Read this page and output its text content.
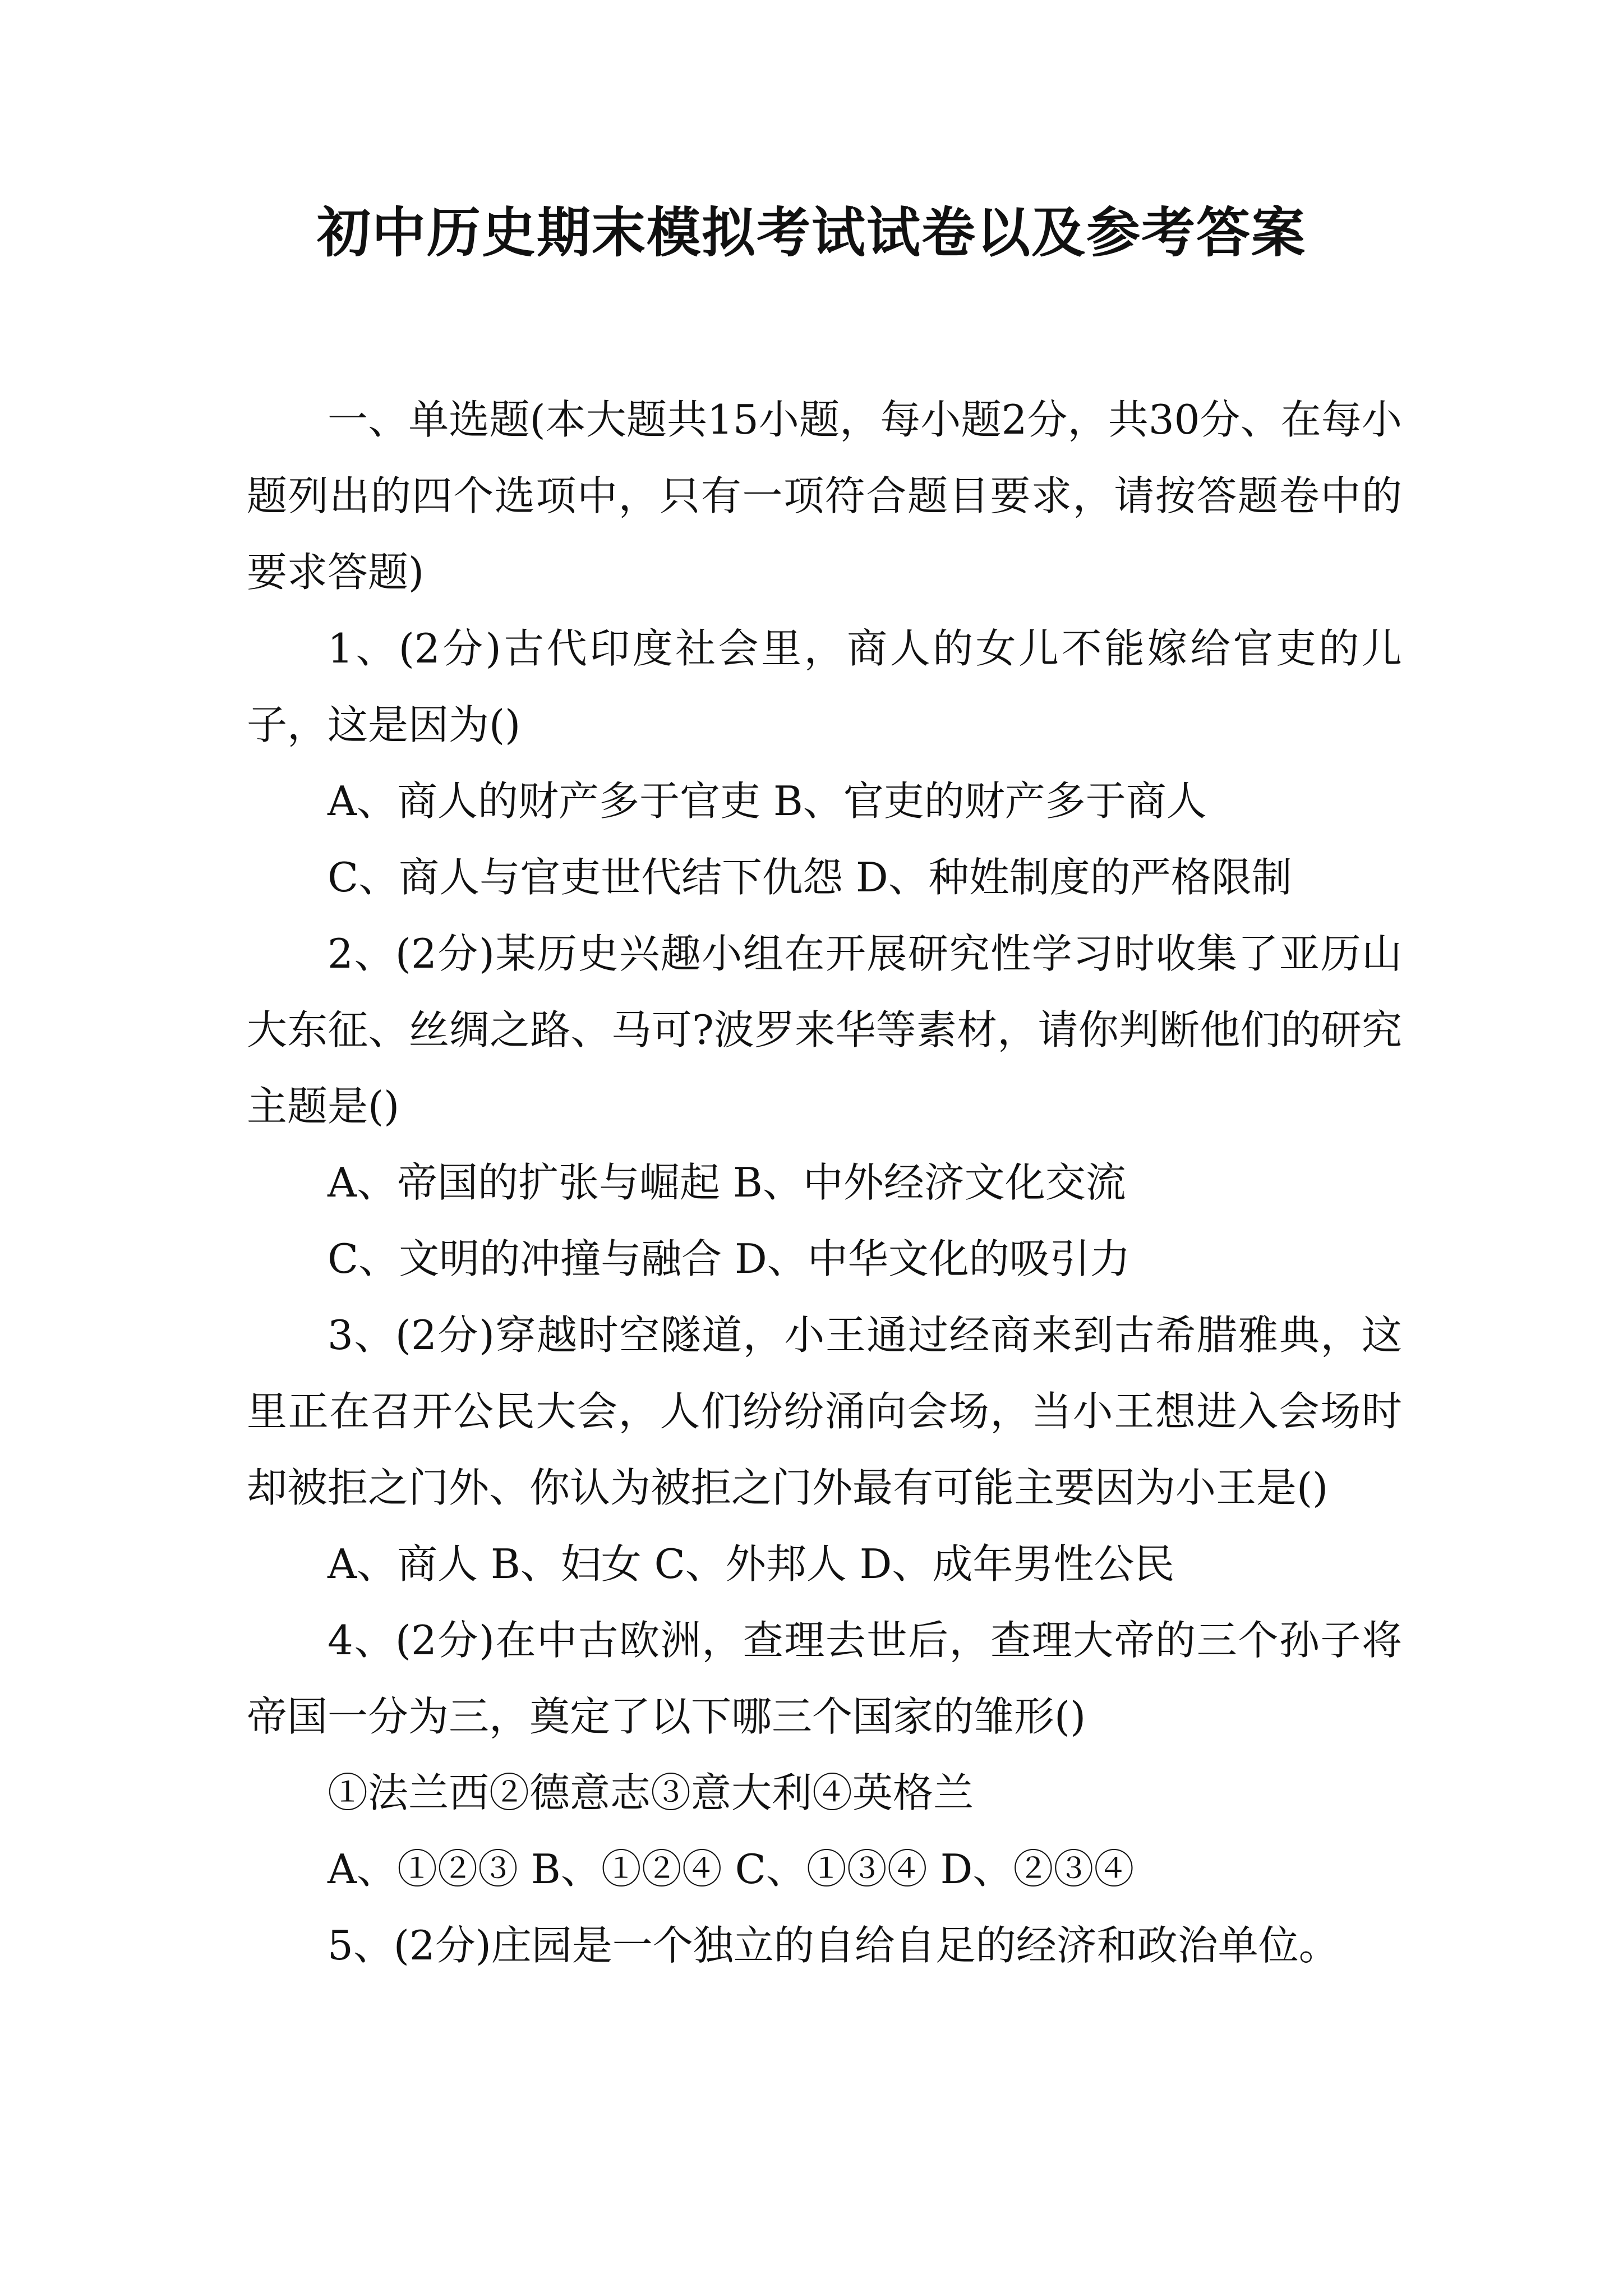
初中历史期末模拟考试试卷以及参考答案

一、单选题(本大题共15小题，每小题2分，共30分、在每小题列出的四个选项中，只有一项符合题目要求，请按答题卷中的要求答题)

1、(2分)古代印度社会里，商人的女儿不能嫁给官吏的儿子，这是因为()

A、商人的财产多于官吏 B、官吏的财产多于商人

C、商人与官吏世代结下仇怨 D、种姓制度的严格限制

2、(2分)某历史兴趣小组在开展研究性学习时收集了亚历山大东征、丝绸之路、马可?波罗来华等素材，请你判断他们的研究主题是()

A、帝国的扩张与崛起 B、中外经济文化交流

C、文明的冲撞与融合 D、中华文化的吸引力

3、(2分)穿越时空隧道，小王通过经商来到古希腊雅典，这里正在召开公民大会，人们纷纷涌向会场，当小王想进入会场时却被拒之门外、你认为被拒之门外最有可能主要因为小王是()

A、商人 B、妇女 C、外邦人 D、成年男性公民

4、(2分)在中古欧洲，查理去世后，查理大帝的三个孙子将帝国一分为三，奠定了以下哪三个国家的雏形()

①法兰西②德意志③意大利④英格兰

A、①②③ B、①②④ C、①③④ D、②③④

5、(2分)庄园是一个独立的自给自足的经济和政治单位。
